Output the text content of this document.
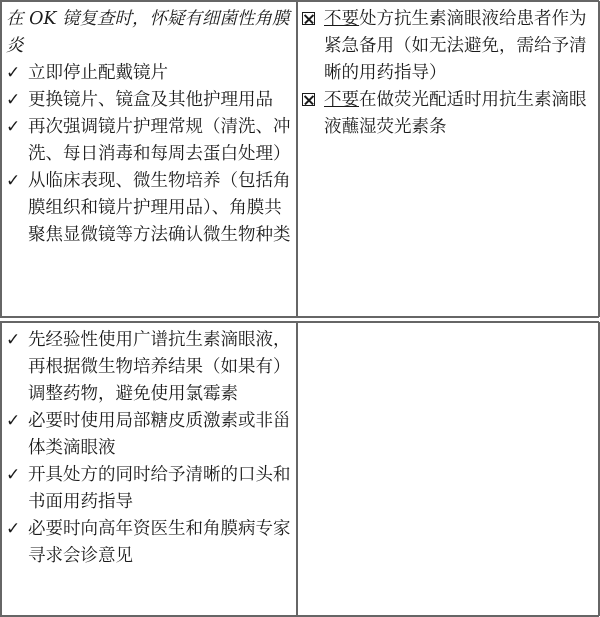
在 OK 镜复查时，怀疑有细菌性角膜炎

✓ 立即停止配戴镜片
✓ 更换镜片、镜盒及其他护理用品
✓ 再次强调镜片护理常规（清洗、冲洗、每日消毒和每周去蛋白处理）
✓ 从临床表现、微生物培养（包括角膜组织和镜片护理用品）、角膜共聚焦显微镜等方法确认微生物种类
不要处方抗生素滴眼液给患者作为紧急备用（如无法避免，需给予清晰的用药指导）
不要在做荧光配适时用抗生素滴眼液蘸湿荧光素条
✓ 先经验性使用广谱抗生素滴眼液，再根据微生物培养结果（如果有）调整药物，避免使用氯霉素
✓ 必要时使用局部糖皮质激素或非甾体类滴眼液
✓ 开具处方的同时给予清晰的口头和书面用药指导
✓ 必要时向高年资医生和角膜病专家寻求会诊意见
